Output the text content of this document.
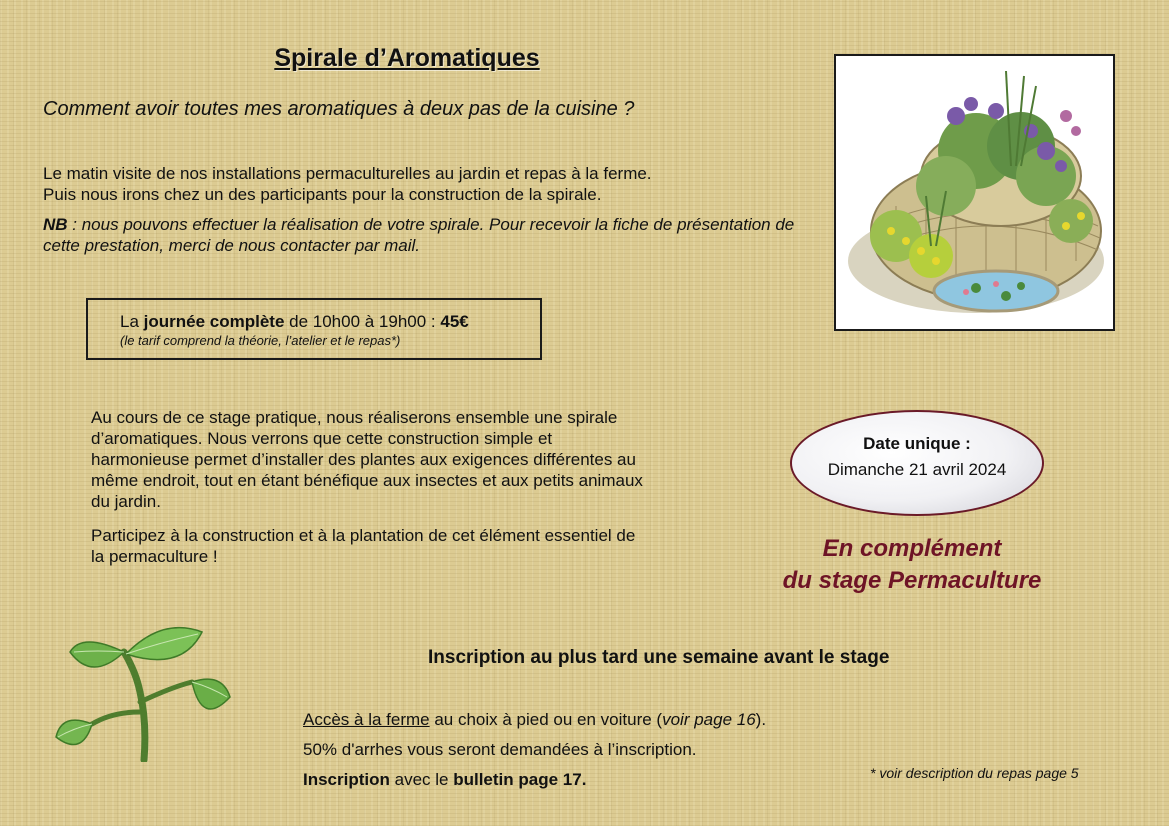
Spirale d’Aromatiques
Comment avoir toutes mes aromatiques à deux pas de la cuisine ?

Le matin visite de nos installations permaculturelles au jardin et repas à la ferme.
Puis nous irons chez un des participants pour la construction de la spirale.

NB : nous pouvons effectuer la réalisation de votre spirale. Pour recevoir la fiche de présentation de cette prestation, merci de nous contacter par mail.

La journée complète de 10h00 à 19h00 : 45€
(le tarif comprend la théorie, l’atelier et le repas*)

Au cours de ce stage pratique, nous réaliserons ensemble une spirale d’aromatiques. Nous verrons que cette construction simple et harmonieuse permet d’installer des plantes aux exigences différentes au même endroit, tout en étant bénéfique aux insectes et aux petits animaux du jardin.

Participez à la construction et à la plantation de cet élément essentiel de la permaculture !

Date unique :
Dimanche 21 avril 2024
En complément
du stage Permaculture
Inscription au plus tard une semaine avant le stage
Accès à la ferme au choix à pied ou en voiture (voir page 16).
50% d'arrhes vous seront demandées à l’inscription.
Inscription avec le bulletin page 17.	* voir description du repas page 5
